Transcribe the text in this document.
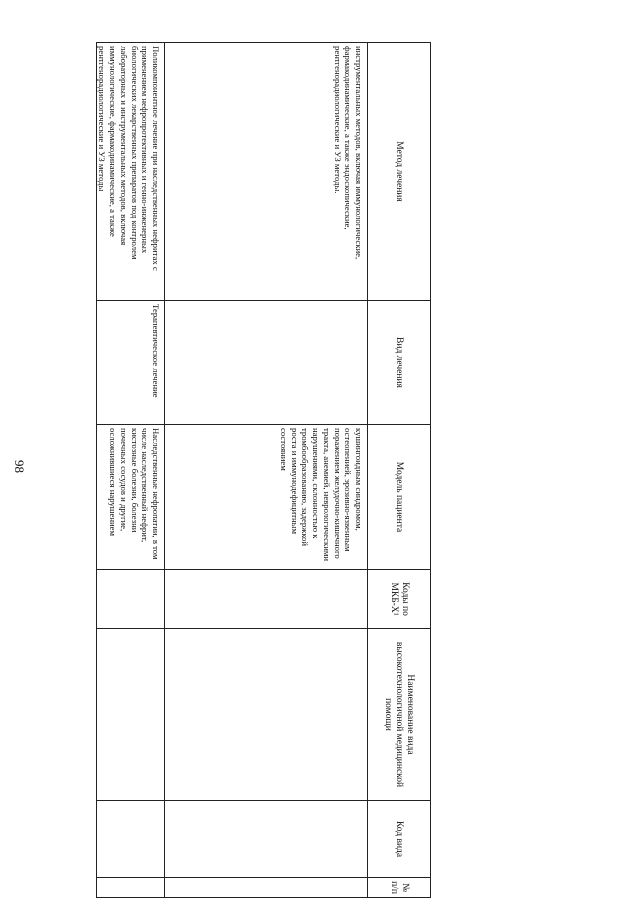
98
Метод лечения	Вид лечения	Модель пациента	Коды по МКБ-X¹	Наименование вида высокотехнологичной медицинской помощи	Код вида	№ п/п
инструментальных методов, включая иммунологические, фармакодинамические, а также эндоскопические, рентгенорадиологические и УЗ методы.		кушингоидным синдромом, остеопенией, эрозивно-язвенным поражением желудочно-кишечного тракта, анемией, неврологическими нарушениями, склонностью к тромбообразованию, задержкой роста и иммунодефицитным состоянием				
Поликомпонентное лечение при наследственных нефритах с применением нефропротективных и генно-инженерных биологических лекарственных препаратов под контролем лабораторных и инструментальных методов, включая иммунологические, фармакодинамические, а также рентгенорадиологические и УЗ методы	Терапевтическое лечение	Наследственные нефропатии, в том числе наследственный нефрит, кистозные болезни, болезни почечных сосудов и другие, осложнившиеся нарушением				
